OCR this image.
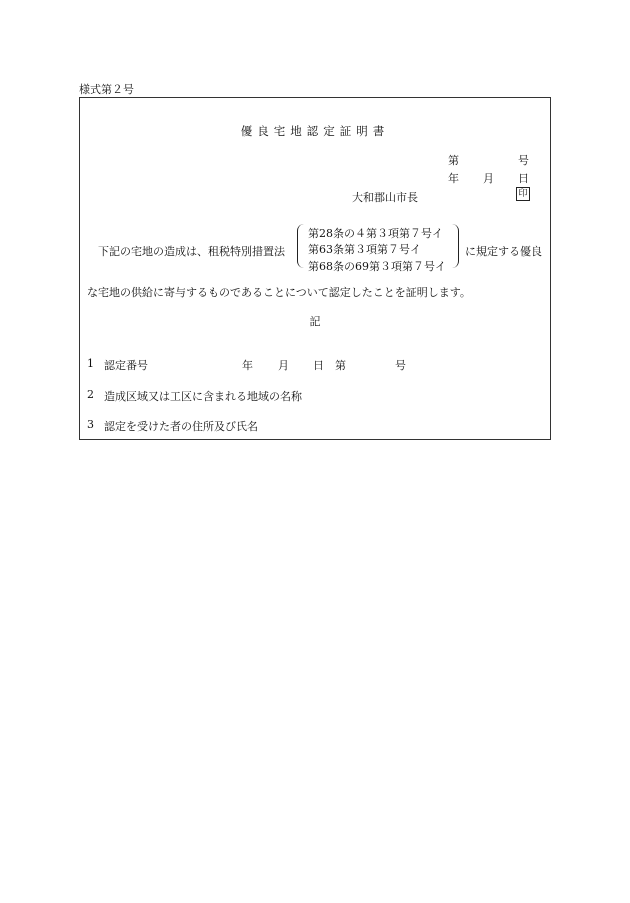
様式第２号
優良宅地認定証明書
第	号
年 月 日
大和郡山市長	印
下記の宅地の造成は、租税特別措置法
第28条の４第３項第７号イ
第63条第３項第７号イ
第68条の69第３項第７号イ
に規定する優良
な宅地の供給に寄与するものであることについて認定したことを証明します。
記
1 認定番号	年 月 日 第	号
2 造成区域又は工区に含まれる地域の名称
3 認定を受けた者の住所及び氏名
